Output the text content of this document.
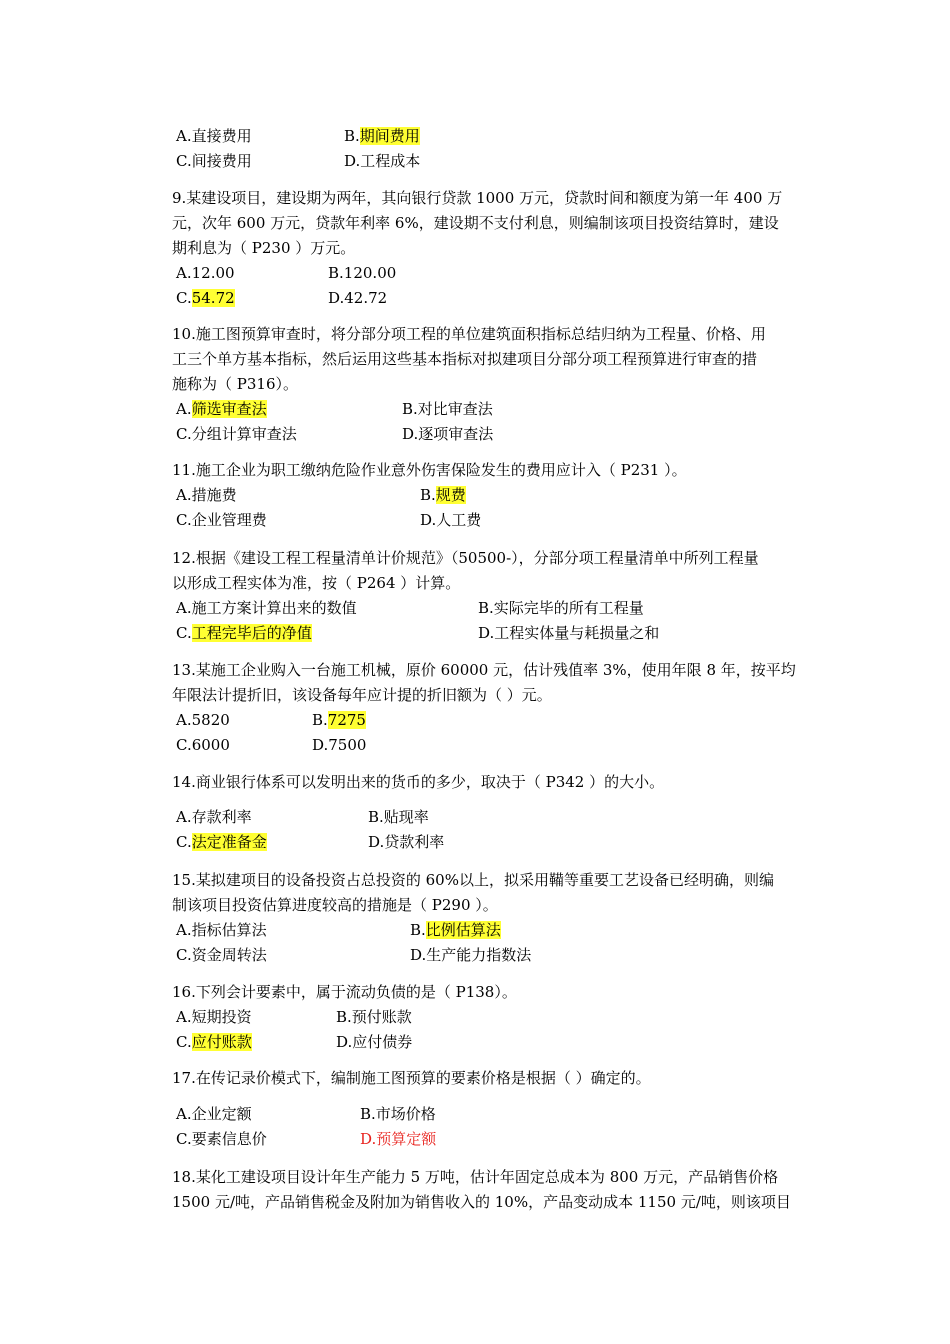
A.直接费用	B.期间费用
C.间接费用	D.工程成本
9.某建设项目，建设期为两年，其向银行贷款 1000 万元，贷款时间和额度为第一年 400 万
元，次年 600 万元，贷款年利率 6%，建设期不支付利息，则编制该项目投资结算时，建设
期利息为（ P230 ）万元。
A.12.00	B.120.00
C.54.72	D.42.72
10.施工图预算审查时，将分部分项工程的单位建筑面积指标总结归纳为工程量、价格、用
工三个单方基本指标，然后运用这些基本指标对拟建项目分部分项工程预算进行审查的措
施称为（ P316）。
A.筛选审查法	B.对比审查法
C.分组计算审查法	D.逐项审查法
11.施工企业为职工缴纳危险作业意外伤害保险发生的费用应计入（ P231 ）。
A.措施费	B.规费
C.企业管理费	D.人工费
12.根据《建设工程工程量清单计价规范》（50500-），分部分项工程量清单中所列工程量
以形成工程实体为准，按（ P264 ）计算。
A.施工方案计算出来的数值	B.实际完毕的所有工程量
C.工程完毕后的净值	D.工程实体量与耗损量之和
13.某施工企业购入一台施工机械，原价 60000 元，估计残值率 3%，使用年限 8 年，按平均
年限法计提折旧，该设备每年应计提的折旧额为（ ）元。
A.5820	B.7275
C.6000	D.7500
14.商业银行体系可以发明出来的货币的多少，取决于（ P342 ）的大小。
A.存款利率	B.贴现率
C.法定准备金	D.贷款利率
15.某拟建项目的设备投资占总投资的 60%以上，拟采用鞴等重要工艺设备已经明确，则编
制该项目投资估算进度较高的措施是（ P290 ）。
A.指标估算法	B.比例估算法
C.资金周转法	D.生产能力指数法
16.下列会计要素中，属于流动负债的是（ P138）。
A.短期投资	B.预付账款
C.应付账款	D.应付债券
17.在传记录价模式下，编制施工图预算的要素价格是根据（ ）确定的。
A.企业定额	B.市场价格
C.要素信息价	D.预算定额
18.某化工建设项目设计年生产能力 5 万吨，估计年固定总成本为 800 万元，产品销售价格
1500 元/吨，产品销售税金及附加为销售收入的 10%，产品变动成本 1150 元/吨，则该项目
